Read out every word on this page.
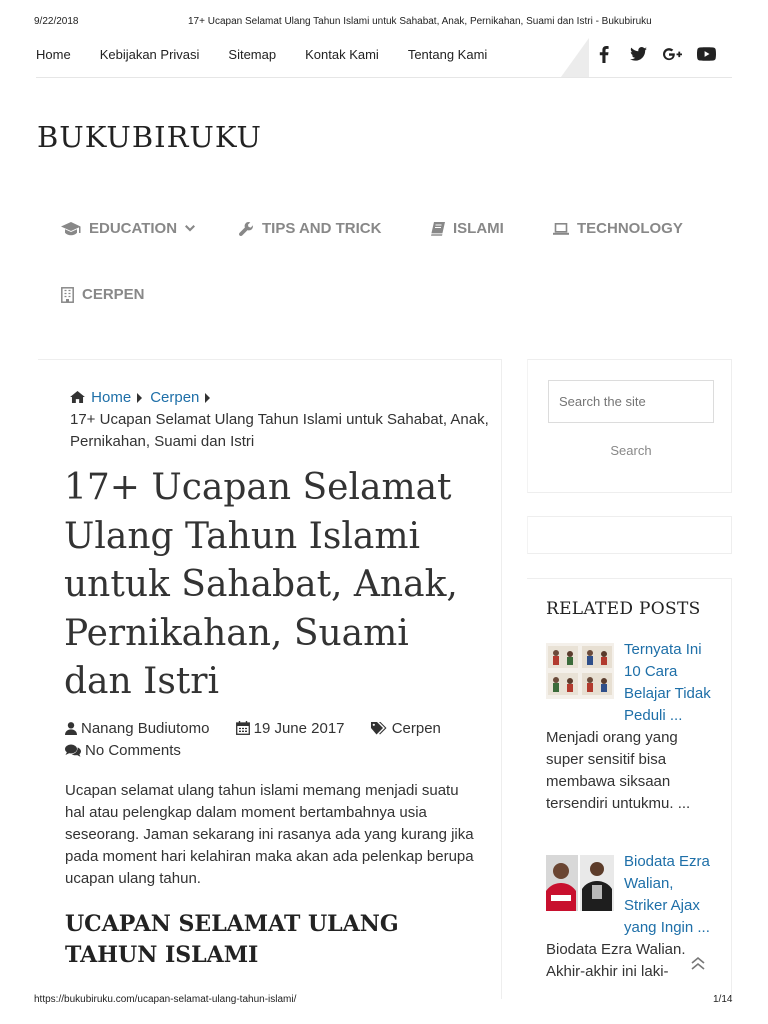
9/22/2018	17+ Ucapan Selamat Ulang Tahun Islami untuk Sahabat, Anak, Pernikahan, Suami dan Istri - Bukubiruku
Home Kebijakan Privasi Sitemap Kontak Kami Tentang Kami
BUKUBIRUKU
EDUCATION	TIPS AND TRICK	ISLAMI	TECHNOLOGY
CERPEN
Home Cerpen
17+ Ucapan Selamat Ulang Tahun Islami untuk Sahabat, Anak, Pernikahan, Suami dan Istri
17+ Ucapan Selamat Ulang Tahun Islami untuk Sahabat, Anak, Pernikahan, Suami dan Istri
Nanang Budiutomo
	19 June 2017
	Cerpen
No Comments

Ucapan selamat ulang tahun islami memang menjadi suatu hal atau pelengkap dalam moment bertambahnya usia seseorang. Jaman sekarang ini rasanya ada yang kurang jika pada moment hari kelahiran maka akan ada pelenkap berupa ucapan ulang tahun.

UCAPAN SELAMAT ULANG TAHUN ISLAMI
Search the site
Search
RELATED POSTS
Ternyata Ini 10 Cara Belajar Tidak Peduli ...
Menjadi orang yang super sensitif bisa membawa siksaan tersendiri untukmu. ...
Biodata Ezra Walian, Striker Ajax yang Ingin ...
Biodata Ezra Walian. Akhir-akhir ini laki-
https://bukubiruku.com/ucapan-selamat-ulang-tahun-islami/	1/14
